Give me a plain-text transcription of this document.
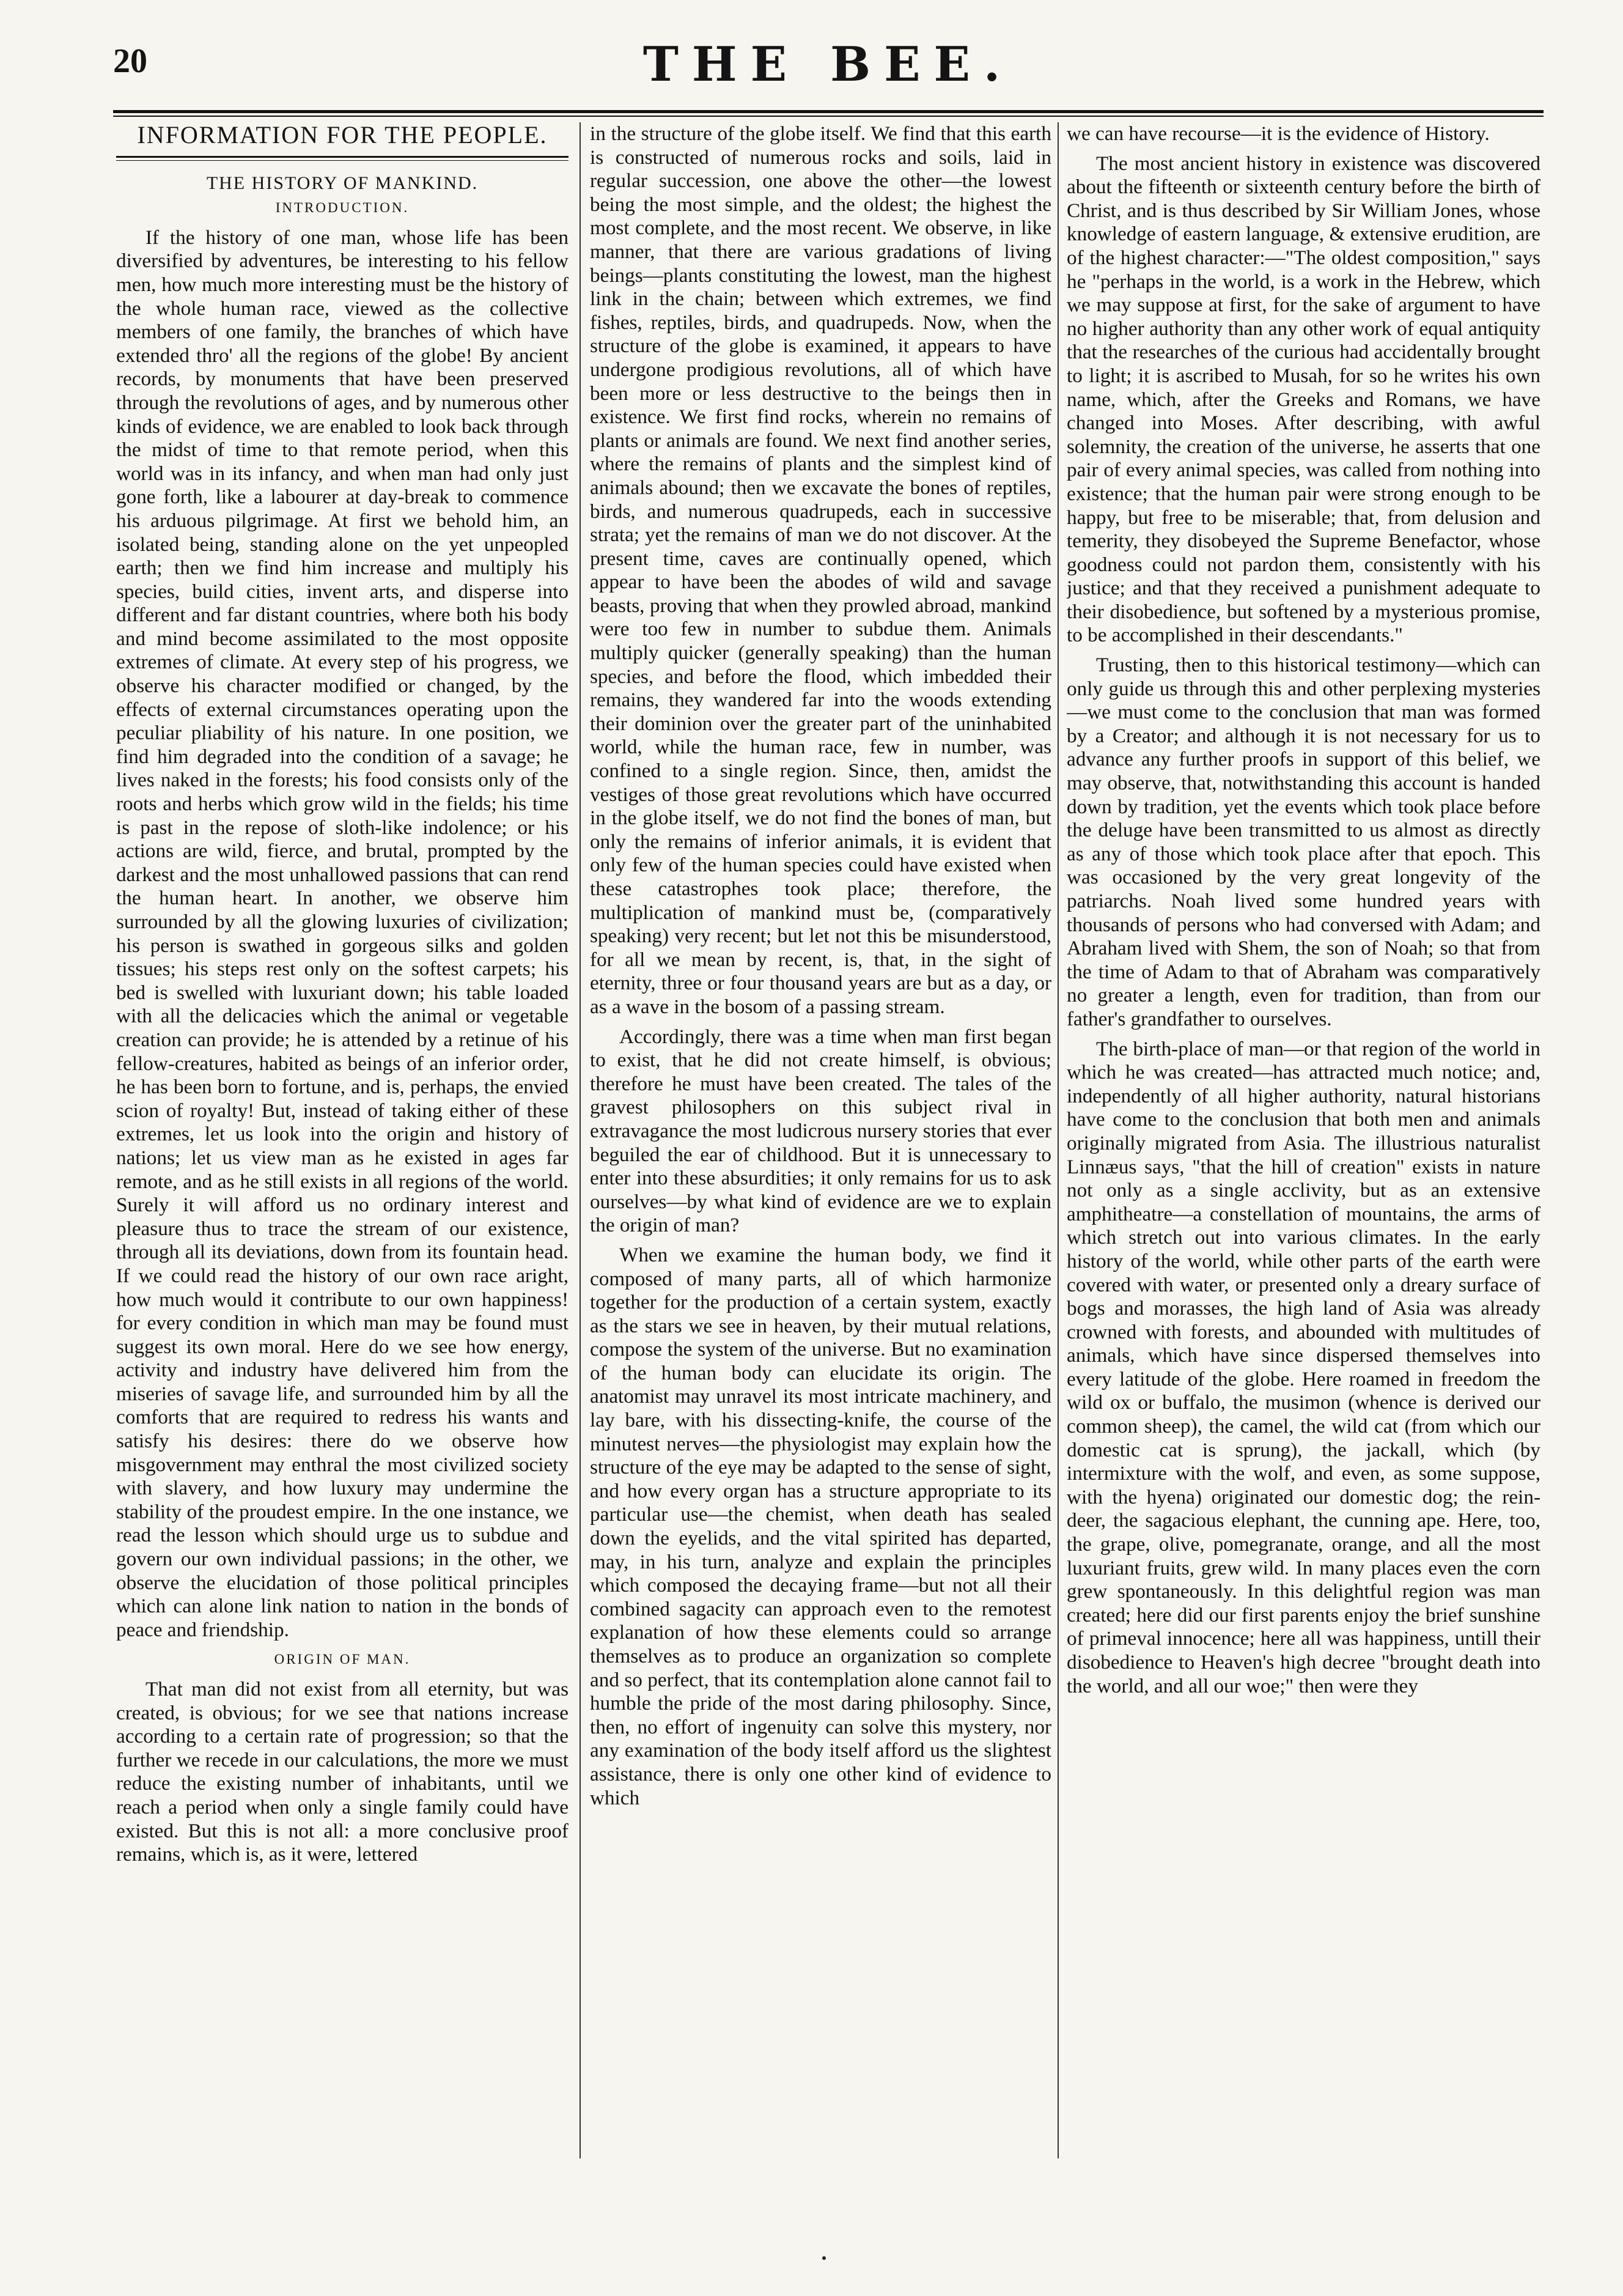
20	THE BEE.
INFORMATION FOR THE PEOPLE.
THE HISTORY OF MANKIND.
INTRODUCTION.

If the history of one man, whose life has been diversified by adventures, be interesting to his fellow men, how much more interesting must be the history of the whole human race, viewed as the collective members of one family, the branches of which have extended thro' all the regions of the globe! By ancient records, by monuments that have been preserved through the revolutions of ages, and by numerous other kinds of evidence, we are enabled to look back through the midst of time to that remote period, when this world was in its infancy, and when man had only just gone forth, like a labourer at day-break to commence his arduous pilgrimage. At first we behold him, an isolated being, standing alone on the yet unpeopled earth; then we find him increase and multiply his species, build cities, invent arts, and disperse into different and far distant countries, where both his body and mind become assimilated to the most opposite extremes of climate. At every step of his progress, we observe his character modified or changed, by the effects of external circumstances operating upon the peculiar pliability of his nature. In one position, we find him degraded into the condition of a savage; he lives naked in the forests; his food consists only of the roots and herbs which grow wild in the fields; his time is past in the repose of sloth-like indolence; or his actions are wild, fierce, and brutal, prompted by the darkest and the most unhallowed passions that can rend the human heart. In another, we observe him surrounded by all the glowing luxuries of civilization; his person is swathed in gorgeous silks and golden tissues; his steps rest only on the softest carpets; his bed is swelled with luxuriant down; his table loaded with all the delicacies which the animal or vegetable creation can provide; he is attended by a retinue of his fellow-creatures, habited as beings of an inferior order, he has been born to fortune, and is, perhaps, the envied scion of royalty! But, instead of taking either of these extremes, let us look into the origin and history of nations; let us view man as he existed in ages far remote, and as he still exists in all regions of the world. Surely it will afford us no ordinary interest and pleasure thus to trace the stream of our existence, through all its deviations, down from its fountain head. If we could read the history of our own race aright, how much would it contribute to our own happiness! for every condition in which man may be found must suggest its own moral. Here do we see how energy, activity and industry have delivered him from the miseries of savage life, and surrounded him by all the comforts that are required to redress his wants and satisfy his desires: there do we observe how misgovernment may enthral the most civilized society with slavery, and how luxury may undermine the stability of the proudest empire. In the one instance, we read the lesson which should urge us to subdue and govern our own individual passions; in the other, we observe the elucidation of those political principles which can alone link nation to nation in the bonds of peace and friendship.

ORIGIN OF MAN.

That man did not exist from all eternity, but was created, is obvious; for we see that nations increase according to a certain rate of progression; so that the further we recede in our calculations, the more we must reduce the existing number of inhabitants, until we reach a period when only a single family could have existed. But this is not all: a more conclusive proof remains, which is, as it were, lettered

in the structure of the globe itself. We find that this earth is constructed of numerous rocks and soils, laid in regular succession, one above the other—the lowest being the most simple, and the oldest; the highest the most complete, and the most recent. We observe, in like manner, that there are various gradations of living beings—plants constituting the lowest, man the highest link in the chain; between which extremes, we find fishes, reptiles, birds, and quadrupeds. Now, when the structure of the globe is examined, it appears to have undergone prodigious revolutions, all of which have been more or less destructive to the beings then in existence. We first find rocks, wherein no remains of plants or animals are found. We next find another series, where the remains of plants and the simplest kind of animals abound; then we excavate the bones of reptiles, birds, and numerous quadrupeds, each in successive strata; yet the remains of man we do not discover. At the present time, caves are continually opened, which appear to have been the abodes of wild and savage beasts, proving that when they prowled abroad, mankind were too few in number to subdue them. Animals multiply quicker (generally speaking) than the human species, and before the flood, which imbedded their remains, they wandered far into the woods extending their dominion over the greater part of the uninhabited world, while the human race, few in number, was confined to a single region. Since, then, amidst the vestiges of those great revolutions which have occurred in the globe itself, we do not find the bones of man, but only the remains of inferior animals, it is evident that only few of the human species could have existed when these catastrophes took place; therefore, the multiplication of mankind must be, (comparatively speaking) very recent; but let not this be misunderstood, for all we mean by recent, is, that, in the sight of eternity, three or four thousand years are but as a day, or as a wave in the bosom of a passing stream.

Accordingly, there was a time when man first began to exist, that he did not create himself, is obvious; therefore he must have been created. The tales of the gravest philosophers on this subject rival in extravagance the most ludicrous nursery stories that ever beguiled the ear of childhood. But it is unnecessary to enter into these absurdities; it only remains for us to ask ourselves—by what kind of evidence are we to explain the origin of man?

When we examine the human body, we find it composed of many parts, all of which harmonize together for the production of a certain system, exactly as the stars we see in heaven, by their mutual relations, compose the system of the universe. But no examination of the human body can elucidate its origin. The anatomist may unravel its most intricate machinery, and lay bare, with his dissecting-knife, the course of the minutest nerves—the physiologist may explain how the structure of the eye may be adapted to the sense of sight, and how every organ has a structure appropriate to its particular use—the chemist, when death has sealed down the eyelids, and the vital spirited has departed, may, in his turn, analyze and explain the principles which composed the decaying frame—but not all their combined sagacity can approach even to the remotest explanation of how these elements could so arrange themselves as to produce an organization so complete and so perfect, that its contemplation alone cannot fail to humble the pride of the most daring philosophy. Since, then, no effort of ingenuity can solve this mystery, nor any examination of the body itself afford us the slightest assistance, there is only one other kind of evidence to which

we can have recourse—it is the evidence of History.

The most ancient history in existence was discovered about the fifteenth or sixteenth century before the birth of Christ, and is thus described by Sir William Jones, whose knowledge of eastern language, & extensive erudition, are of the highest character:—"The oldest composition," says he "perhaps in the world, is a work in the Hebrew, which we may suppose at first, for the sake of argument to have no higher authority than any other work of equal antiquity that the researches of the curious had accidentally brought to light; it is ascribed to Musah, for so he writes his own name, which, after the Greeks and Romans, we have changed into Moses. After describing, with awful solemnity, the creation of the universe, he asserts that one pair of every animal species, was called from nothing into existence; that the human pair were strong enough to be happy, but free to be miserable; that, from delusion and temerity, they disobeyed the Supreme Benefactor, whose goodness could not pardon them, consistently with his justice; and that they received a punishment adequate to their disobedience, but softened by a mysterious promise, to be accomplished in their descendants."

Trusting, then to this historical testimony—which can only guide us through this and other perplexing mysteries—we must come to the conclusion that man was formed by a Creator; and although it is not necessary for us to advance any further proofs in support of this belief, we may observe, that, notwithstanding this account is handed down by tradition, yet the events which took place before the deluge have been transmitted to us almost as directly as any of those which took place after that epoch. This was occasioned by the very great longevity of the patriarchs. Noah lived some hundred years with thousands of persons who had conversed with Adam; and Abraham lived with Shem, the son of Noah; so that from the time of Adam to that of Abraham was comparatively no greater a length, even for tradition, than from our father's grandfather to ourselves.

The birth-place of man—or that region of the world in which he was created—has attracted much notice; and, independently of all higher authority, natural historians have come to the conclusion that both men and animals originally migrated from Asia. The illustrious naturalist Linnæus says, "that the hill of creation" exists in nature not only as a single acclivity, but as an extensive amphitheatre—a constellation of mountains, the arms of which stretch out into various climates. In the early history of the world, while other parts of the earth were covered with water, or presented only a dreary surface of bogs and morasses, the high land of Asia was already crowned with forests, and abounded with multitudes of animals, which have since dispersed themselves into every latitude of the globe. Here roamed in freedom the wild ox or buffalo, the musimon (whence is derived our common sheep), the camel, the wild cat (from which our domestic cat is sprung), the jackall, which (by intermixture with the wolf, and even, as some suppose, with the hyena) originated our domestic dog; the rein-deer, the sagacious elephant, the cunning ape. Here, too, the grape, olive, pomegranate, orange, and all the most luxuriant fruits, grew wild. In many places even the corn grew spontaneously. In this delightful region was man created; here did our first parents enjoy the brief sunshine of primeval innocence; here all was happiness, untill their disobedience to Heaven's high decree "brought death into the world, and all our woe;" then were they
